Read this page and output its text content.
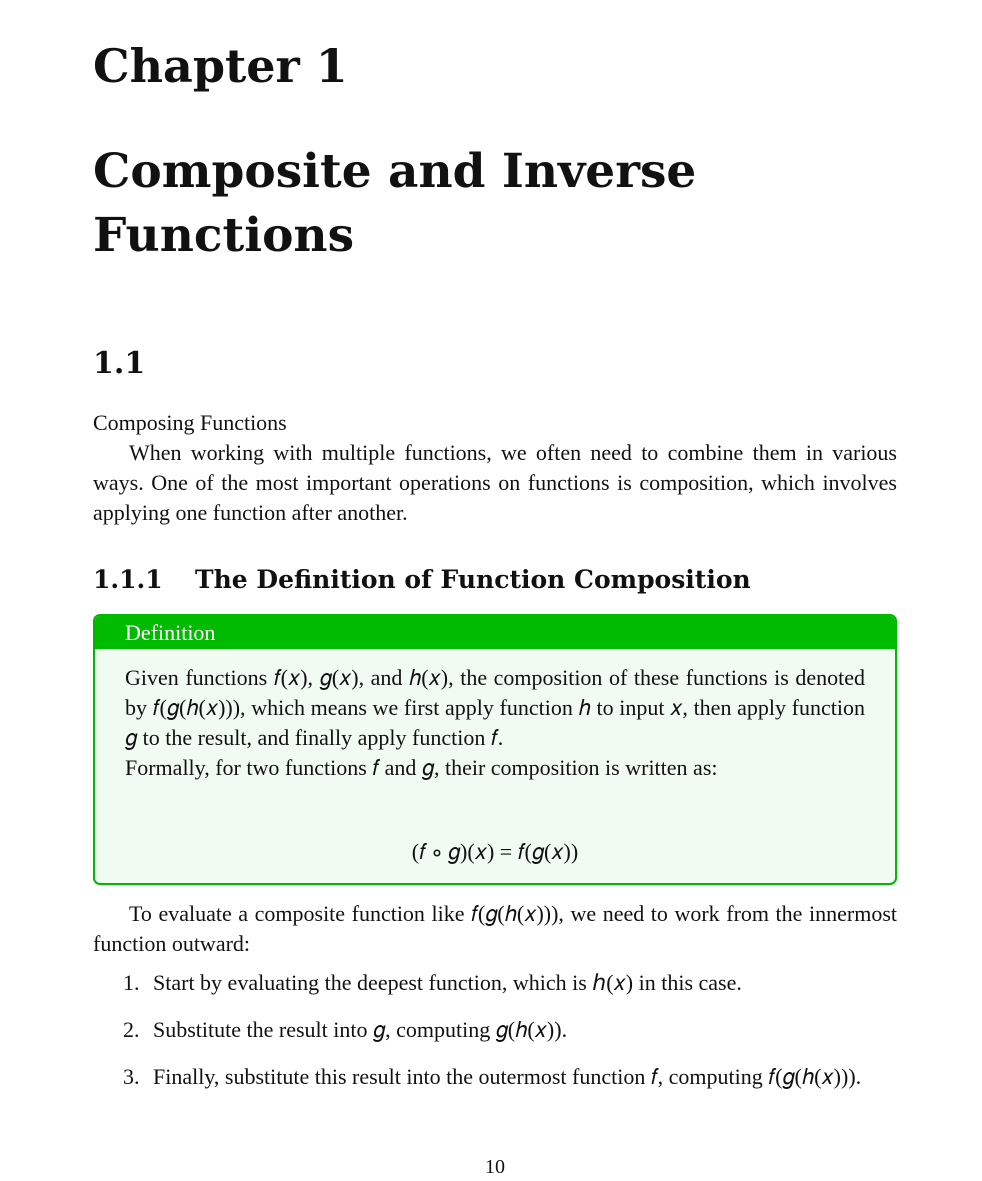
Chapter 1
Composite and Inverse Functions
1.1
Composing Functions

When working with multiple functions, we often need to combine them in various ways. One of the most important operations on functions is composition, which involves applying one function after another.

1.1.1 The Definition of Function Composition
Definition

Given functions 𝑓(𝑥), 𝑔(𝑥), and ℎ(𝑥), the composition of these functions is denoted by 𝑓(𝑔(ℎ(𝑥))), which means we first apply function ℎ to input 𝑥, then apply function 𝑔 to the result, and finally apply function 𝑓.

Formally, for two functions 𝑓 and 𝑔, their composition is written as:

(𝑓 ∘ 𝑔)(𝑥) = 𝑓(𝑔(𝑥))

To evaluate a composite function like 𝑓(𝑔(ℎ(𝑥))), we need to work from the innermost function outward:

1. Start by evaluating the deepest function, which is ℎ(𝑥) in this case.
2. Substitute the result into 𝑔, computing 𝑔(ℎ(𝑥)).
3. Finally, substitute this result into the outermost function 𝑓, computing 𝑓(𝑔(ℎ(𝑥))).
10
